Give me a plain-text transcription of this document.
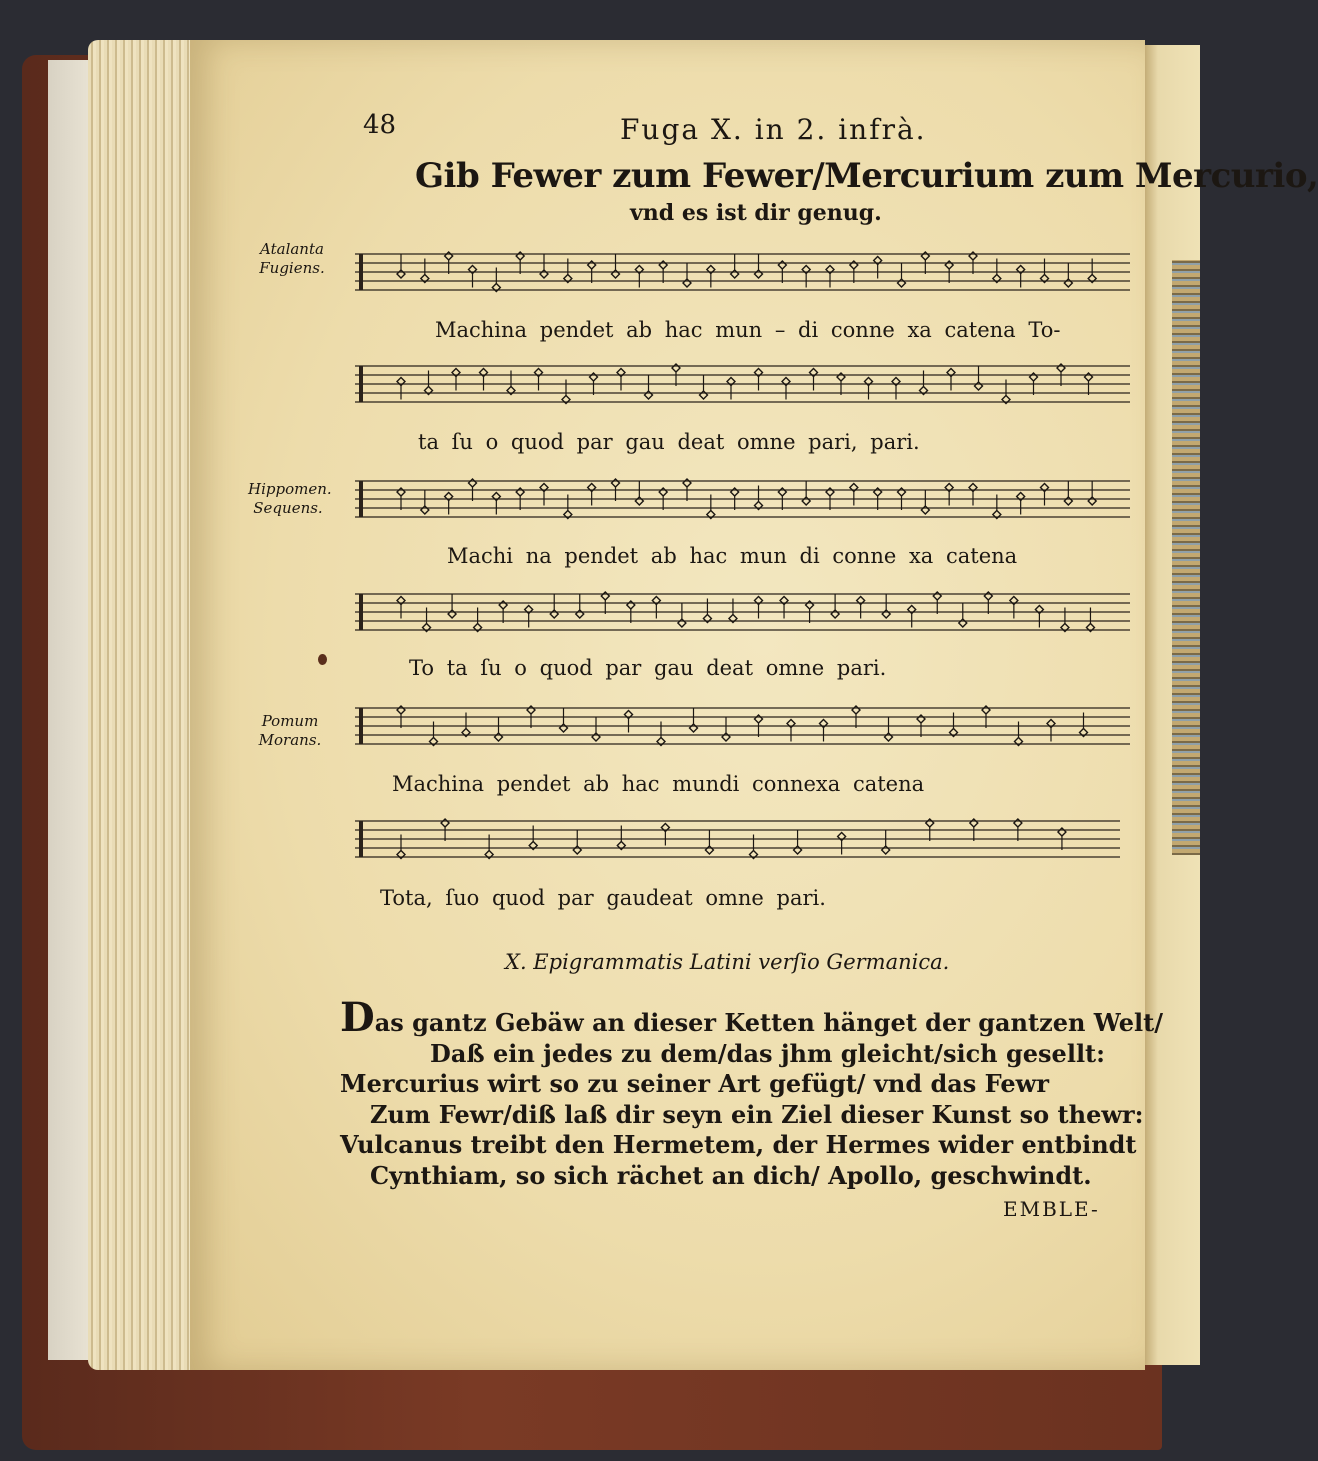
48	Fuga X. in 2. infrà.
Gib Fewer zum Fewer/Mercurium zum Mercurio,
vnd es ist dir genug.
Atalanta Fugiens.
Hippomen. Sequens.
Pomum Morans.
Machina pendet ab hac mun – di conne xa catena To-
ta ſu o quod par gau deat omne pari, pari.
Machi na pendet ab hac mun di conne xa catena
To ta ſu o quod par gau deat omne pari.
Machina pendet ab hac mundi connexa catena
Tota, ſuo quod par gaudeat omne pari.
X. Epigrammatis Latini verſio Germanica.
Das gantz Gebäw an dieser Ketten hänget der gantzen Welt/
Daß ein jedes zu dem/das jhm gleicht/sich gesellt:
Mercurius wirt so zu seiner Art gefügt/ vnd das Fewr
Zum Fewr/diß laß dir seyn ein Ziel dieser Kunst so thewr:
Vulcanus treibt den Hermetem, der Hermes wider entbindt
Cynthiam, so sich rächet an dich/ Apollo, geschwindt.
EMBLE-
